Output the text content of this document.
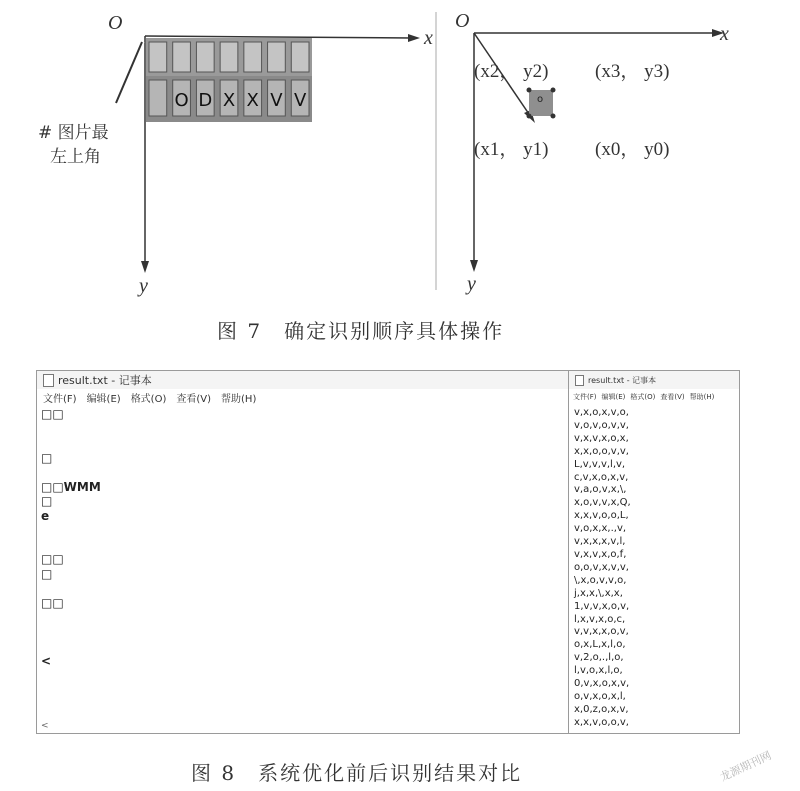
O D X X V V
O
x
y
# 图片最
左上角
O
x
y
(x2， y2) (x3， y3)
(x1， y1) (x0， y0)
o
图 7　确定识别顺序具体操作
result.txt - 记事本
文件(F) 编辑(E) 格式(O) 查看(V) 帮助(H)
□□

□

□□WMM
□
e

□□
□

□□

<
<
result.txt - 记事本
文件(F) 编辑(E) 格式(O) 查看(V) 帮助(H)
v,x,o,x,v,o,
v,o,v,o,v,v,
v,x,v,x,o,x,
x,x,o,o,v,v,
L,v,v,v,l,v,
c,v,x,o,x,v,
v,a,o,v,x,\,
x,o,v,v,x,Q,
x,x,v,o,o,L,
v,o,x,x,.,v,
v,x,x,x,v,l,
v,x,v,x,o,f,
o,o,v,x,v,v,
\,x,o,v,v,o,
j,x,x,\,x,x,
1,v,v,x,o,v,
l,x,v,x,o,c,
v,v,x,x,o,v,
o,x,L,x,l,o,
v,2,o,.,l,o,
l,v,o,x,l,o,
0,v,x,o,x,v,
o,v,x,o,x,l,
x,0,z,o,x,v,
x,x,v,o,o,v,
图 8　系统优化前后识别结果对比	龙源期刊网
